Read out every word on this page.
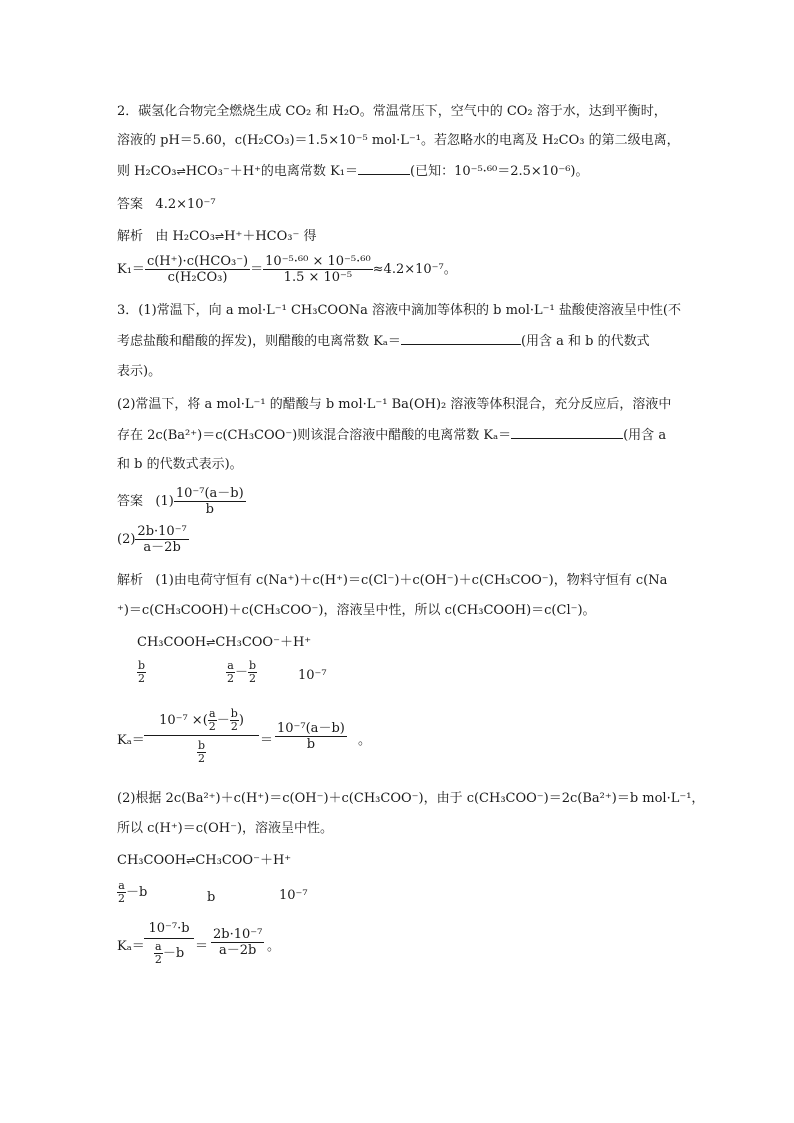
2．碳氢化合物完全燃烧生成 CO₂ 和 H₂O。常温常压下，空气中的 CO₂ 溶于水，达到平衡时，
溶液的 pH＝5.60，c(H₂CO₃)＝1.5×10⁻⁵ mol·L⁻¹。若忽略水的电离及 H₂CO₃ 的第二级电离，
则 H₂CO₃⇌HCO₃⁻＋H⁺的电离常数 K₁＝	(已知：10⁻⁵·⁶⁰＝2.5×10⁻⁶)。
答案 4.2×10⁻⁷
解析 由 H₂CO₃⇌H⁺＋HCO₃⁻ 得
$K_1= \frac{\text{c(H⁺)·c(HCO₃⁻)}}{\text{c(H₂CO₃)}} = \frac{\text{10⁻⁵·⁶⁰ × 10⁻⁵·⁶⁰}}{\text{1.5 × 10⁻⁵}} \approx 4.2\times 10^{-7}$。
3．(1)常温下，向 a mol·L⁻¹ CH₃COONa 溶液中滴加等体积的 b mol·L⁻¹ 盐酸使溶液呈中性(不
考虑盐酸和醋酸的挥发)，则醋酸的电离常数 Kₐ＝	(用含 a 和 b 的代数式
表示)。
(2)常温下，将 a mol·L⁻¹ 的醋酸与 b mol·L⁻¹ Ba(OH)₂ 溶液等体积混合，充分反应后，溶液中
存在 2c(Ba²⁺)＝c(CH₃COO⁻)则该混合溶液中醋酸的电离常数 Kₐ＝	(用含 a
和 b 的代数式表示)。
答案 $(1) \frac{\text{10⁻⁷(a－b)}}{b}$
$(2) \frac{\text{2b·10⁻⁷}}{a-2b}$
解析 (1)由电荷守恒有 c(Na⁺)＋c(H⁺)＝c(Cl⁻)＋c(OH⁻)＋c(CH₃COO⁻)，物料守恒有 c(Na
⁺)＝c(CH₃COOH)＋c(CH₃COO⁻)，溶液呈中性，所以 c(CH₃COOH)＝c(Cl⁻)。
CH₃COOH⇌CH₃COO⁻＋H⁺
$\frac{b}{2}$	$\frac{a}{2} - \frac{b}{2}$	10⁻⁷
$K_a= \frac{10^{-7} \times( \frac{a}{2} - \frac{b}{2} )}{\frac{b}{2}} = \frac{\text{10⁻⁷(a－b)}}{b}$ 。
(2)根据 2c(Ba²⁺)＋c(H⁺)＝c(OH⁻)＋c(CH₃COO⁻)，由于 c(CH₃COO⁻)＝2c(Ba²⁺)＝b mol·L⁻¹，
所以 c(H⁺)＝c(OH⁻)，溶液呈中性。
CH₃COOH⇌CH₃COO⁻＋H⁺
$\frac{a}{2} -b$	b	10⁻⁷
$K_a= \frac{\text{10⁻⁷·b}}{\frac{a}{2} -b} = \frac{\text{2b·10⁻⁷}}{a-2b}$ 。
